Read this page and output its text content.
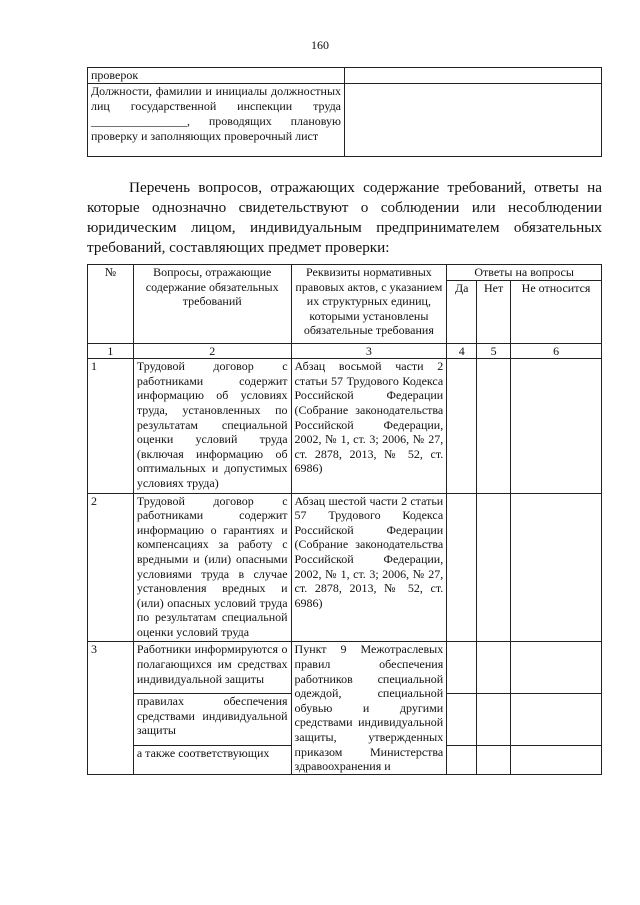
160
проверок	
Должности, фамилии и инициалы должностных лиц государственной инспекции труда ________________, проводящих плановую проверку и заполняющих проверочный лист	

Перечень вопросов, отражающих содержание требований, ответы на которые однозначно свидетельствуют о соблюдении или несоблюдении юридическим лицом, индивидуальным предпринимателем обязательных требований, составляющих предмет проверки:

№	Вопросы, отражающие содержание обязательных требований	Реквизиты нормативных правовых актов, с указанием их структурных единиц, которыми установлены обязательные требования	Ответы на вопросы		
			Да	Нет	Не относится
1	2	3	4	5	6
1	Трудовой договор с работниками содержит информацию об условиях труда, установленных по результатам специальной оценки условий труда (включая информацию об оптимальных и допустимых условиях труда)	Абзац восьмой части 2 статьи 57 Трудового Кодекса Российской Федерации (Собрание законодательства Российской Федерации, 2002, № 1, ст. 3; 2006, № 27, ст. 2878, 2013, № 52, ст. 6986)			
2	Трудовой договор с работниками содержит информацию о гарантиях и компенсациях за работу с вредными и (или) опасными условиями труда в случае установления вредных и (или) опасных условий труда по результатам специальной оценки условий труда	Абзац шестой части 2 статьи 57 Трудового Кодекса Российской Федерации (Собрание законодательства Российской Федерации, 2002, № 1, ст. 3; 2006, № 27, ст. 2878, 2013, № 52, ст. 6986)			
3	Работники информируются о полагающихся им средствах индивидуальной защиты	Пункт 9 Межотраслевых правил обеспечения работников специальной одеждой, специальной обувью и другими средствами индивидуальной защиты, утвержденных приказом Министерства здравоохранения и			
	правилах обеспечения средствами индивидуальной защиты				
	а также соответствующих				
